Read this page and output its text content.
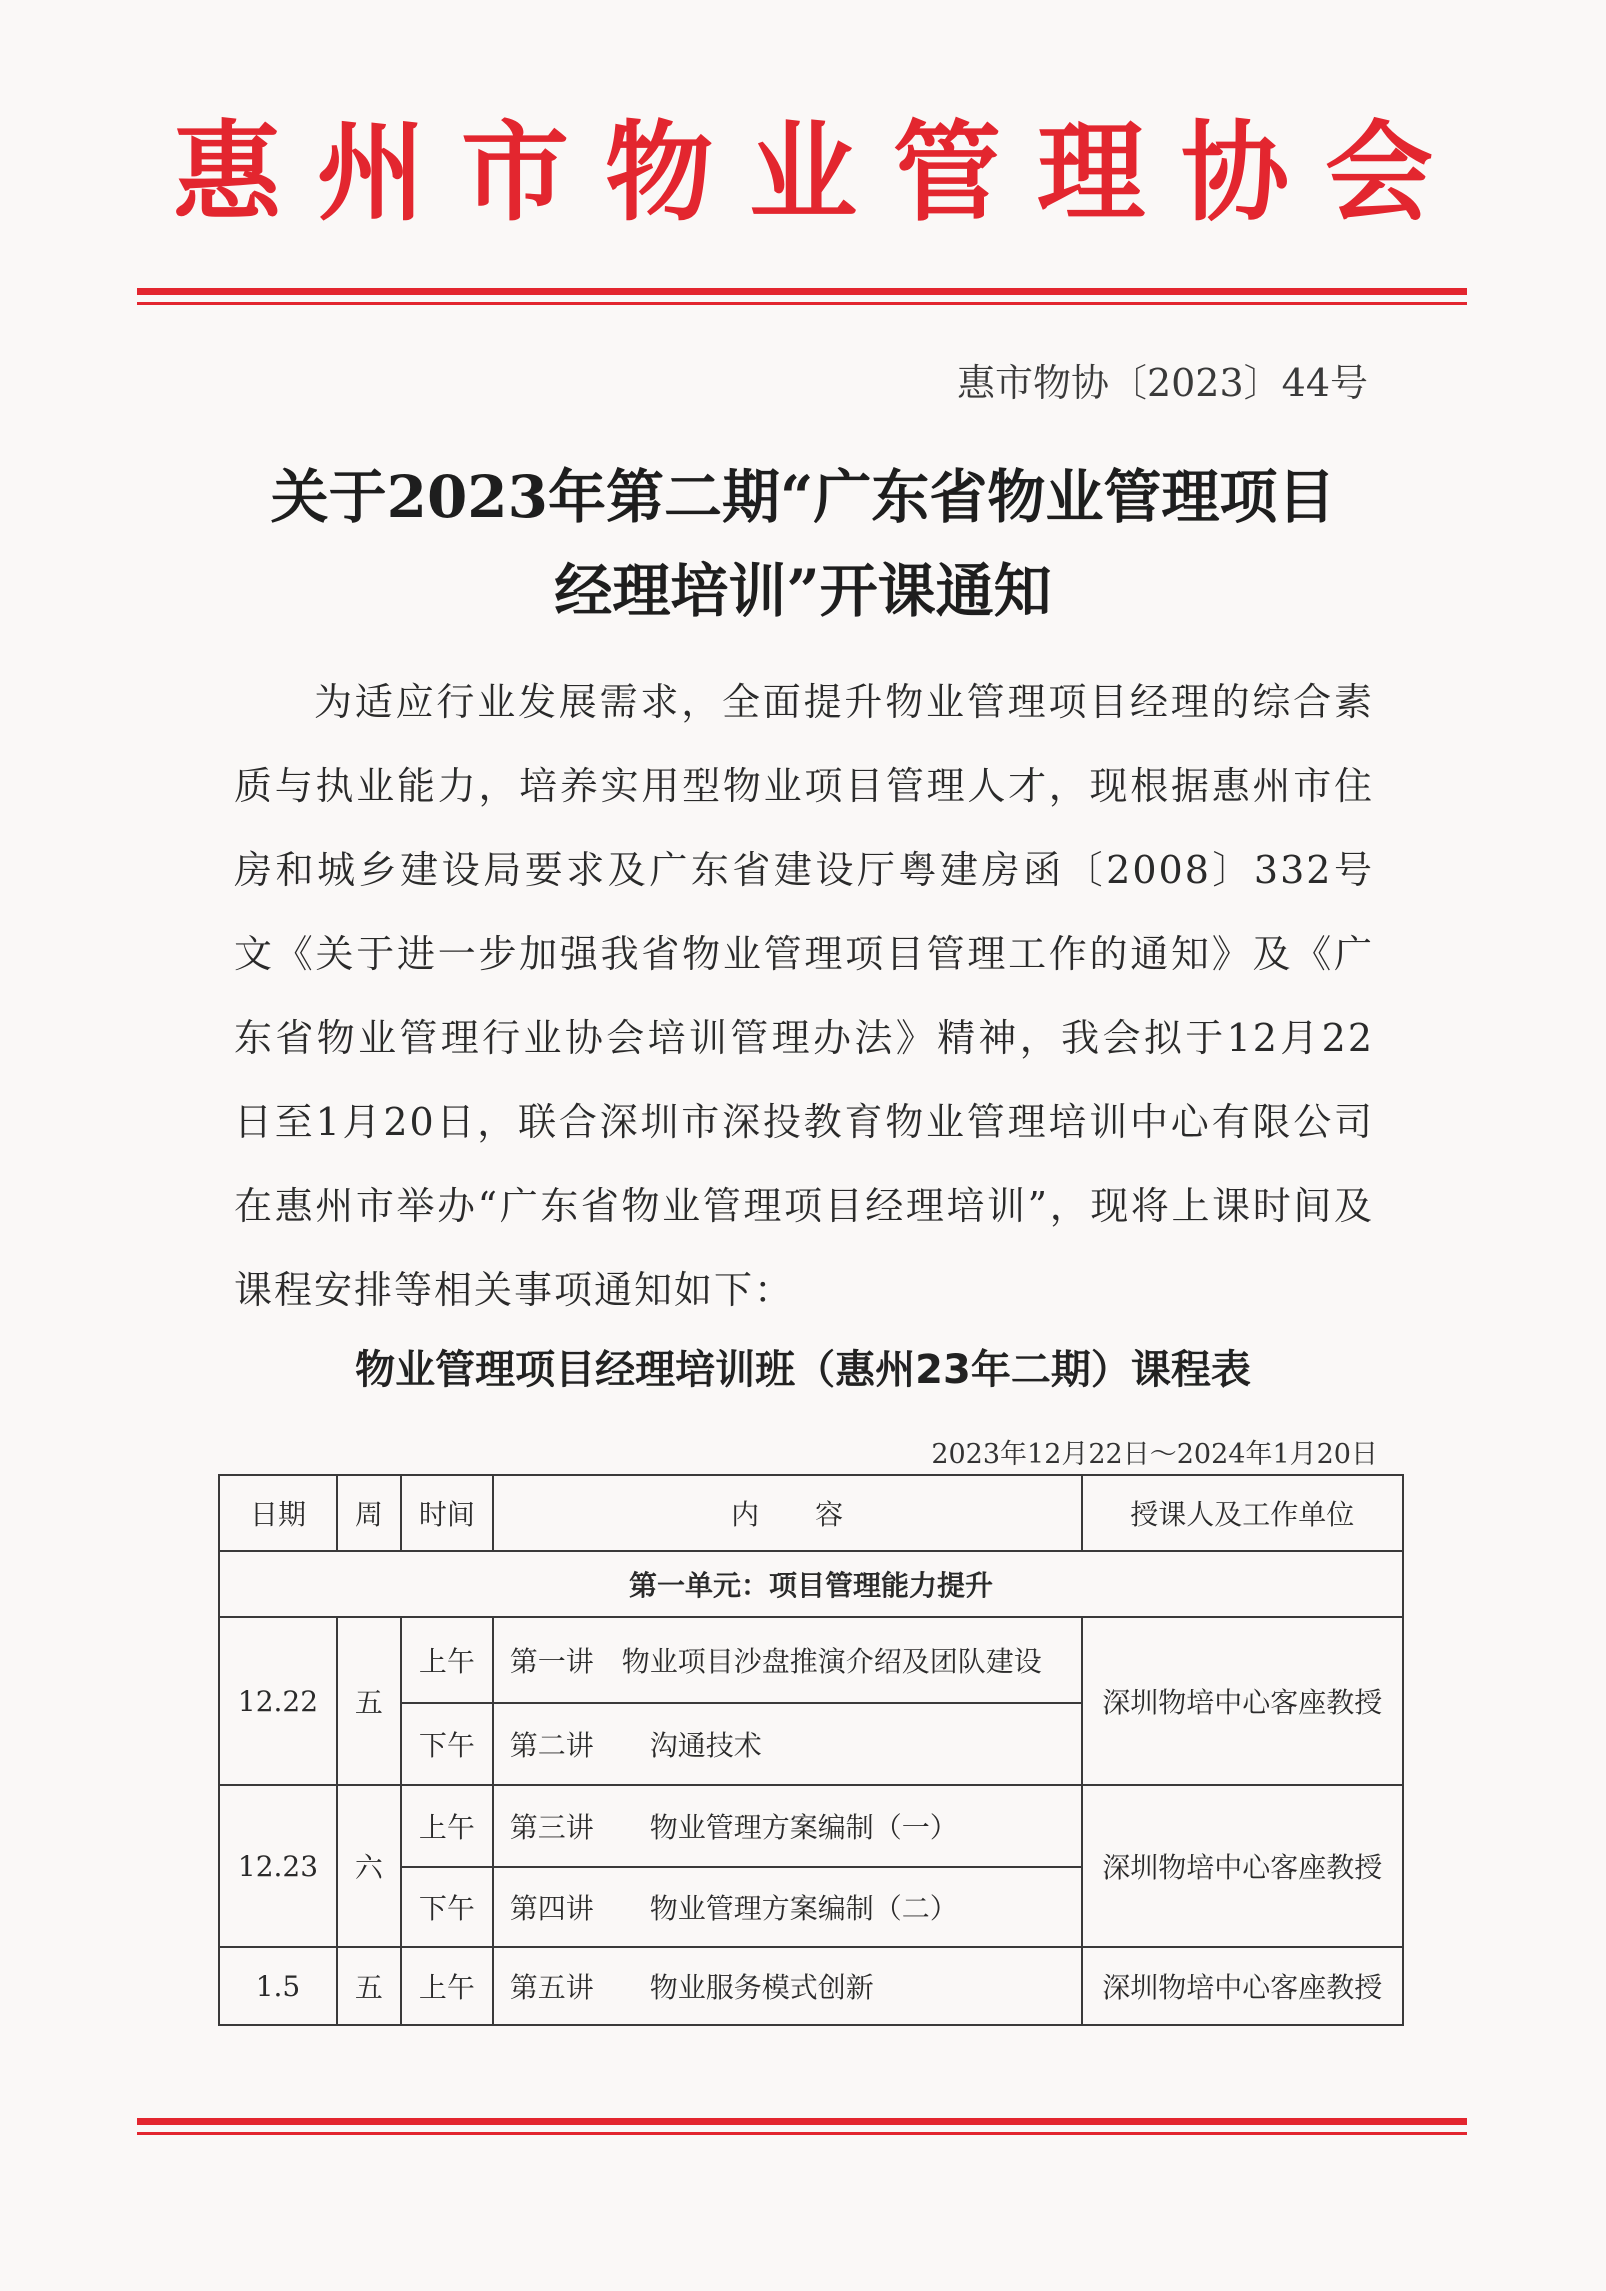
惠州市物业管理协会
惠市物协〔2023〕44号
关于2023年第二期“广东省物业管理项目
经理培训”开课通知
为适应行业发展需求，全面提升物业管理项目经理的综合素质与执业能力，培养实用型物业项目管理人才，现根据惠州市住房和城乡建设局要求及广东省建设厅粤建房函〔2008〕332号文《关于进一步加强我省物业管理项目管理工作的通知》及《广东省物业管理行业协会培训管理办法》精神，我会拟于12月22日至1月20日，联合深圳市深投教育物业管理培训中心有限公司在惠州市举办“广东省物业管理项目经理培训”，现将上课时间及课程安排等相关事项通知如下：
物业管理项目经理培训班（惠州23年二期）课程表
2023年12月22日～2024年1月20日
日期	周	时间	内　　容	授课人及工作单位
第一单元：项目管理能力提升				
12.22	五	上午	第一讲　物业项目沙盘推演介绍及团队建设	深圳物培中心客座教授
		下午	第二讲　　沟通技术	
12.23	六	上午	第三讲　　物业管理方案编制（一）	深圳物培中心客座教授
		下午	第四讲　　物业管理方案编制（二）	
1.5	五	上午	第五讲　　物业服务模式创新	深圳物培中心客座教授
